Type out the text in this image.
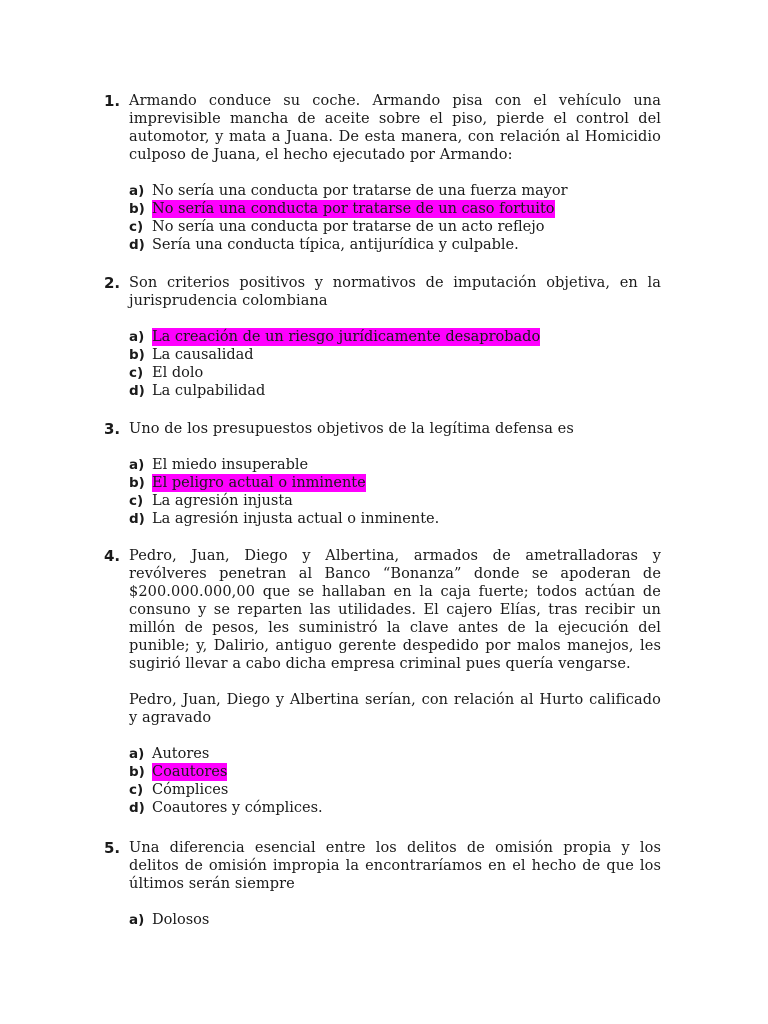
1. Armando conduce su coche. Armando pisa con el vehículo una imprevisible mancha de aceite sobre el piso, pierde el control del automotor, y mata a Juana. De esta manera, con relación al Homicidio culposo de Juana, el hecho ejecutado por Armando:
a) No sería una conducta por tratarse de una fuerza mayor
b) No sería una conducta por tratarse de un caso fortuito
c) No sería una conducta por tratarse de un acto reflejo
d) Sería una conducta típica, antijurídica y culpable.
2. Son criterios positivos y normativos de imputación objetiva, en la jurisprudencia colombiana
a) La creación de un riesgo jurídicamente desaprobado
b) La causalidad
c) El dolo
d) La culpabilidad
3. Uno de los presupuestos objetivos de la legítima defensa es
a) El miedo insuperable
b) El peligro actual o inminente
c) La agresión injusta
d) La agresión injusta actual o inminente.
4. Pedro, Juan, Diego y Albertina, armados de ametralladoras y revólveres penetran al Banco “Bonanza” donde se apoderan de $200.000.000,00 que se hallaban en la caja fuerte; todos actúan de consuno y se reparten las utilidades. El cajero Elías, tras recibir un millón de pesos, les suministró la clave antes de la ejecución del punible; y, Dalirio, antiguo gerente despedido por malos manejos, les sugirió llevar a cabo dicha empresa criminal pues quería vengarse.
Pedro, Juan, Diego y Albertina serían, con relación al Hurto calificado y agravado
a) Autores
b) Coautores
c) Cómplices
d) Coautores y cómplices.
5. Una diferencia esencial entre los delitos de omisión propia y los delitos de omisión impropia la encontraríamos en el hecho de que los últimos serán siempre
a) Dolosos
